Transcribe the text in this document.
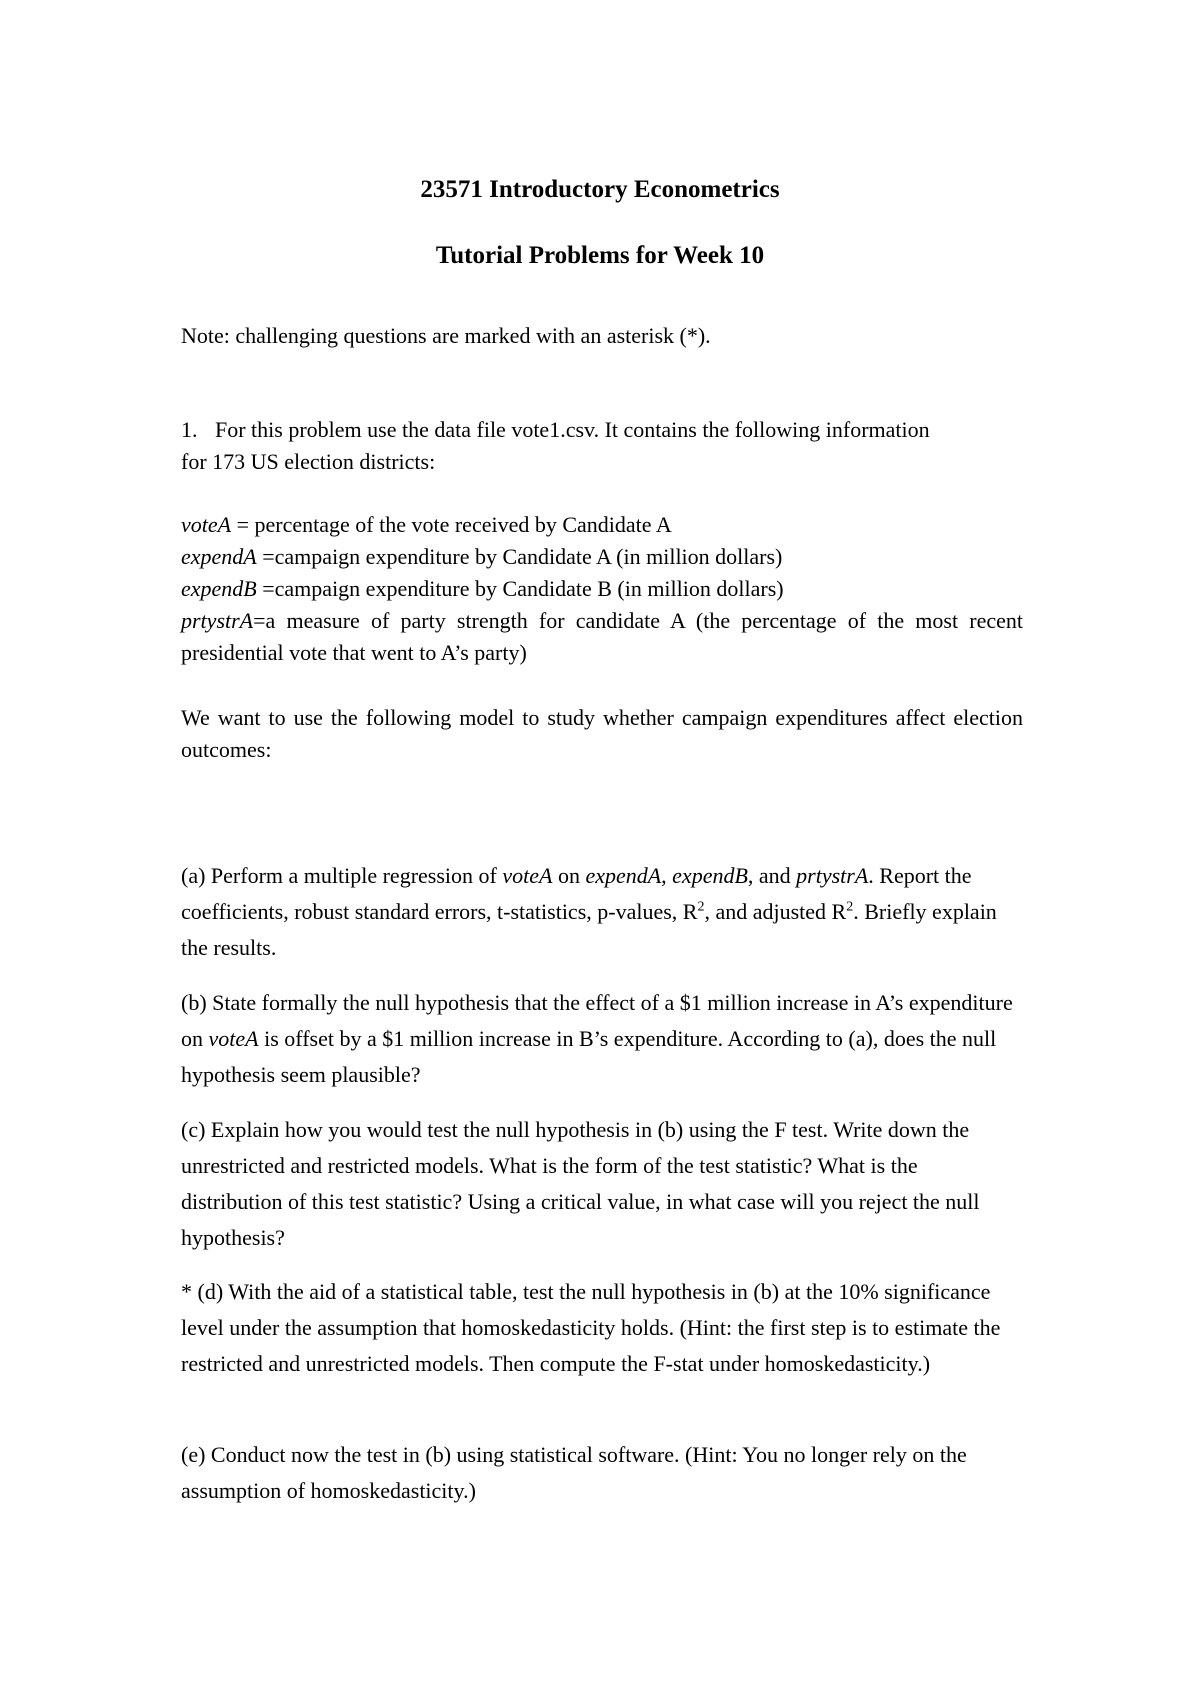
23571 Introductory Econometrics
Tutorial Problems for Week 10

Note: challenging questions are marked with an asterisk (*).

1. For this problem use the data file vote1.csv. It contains the following information
for 173 US election districts:

voteA = percentage of the vote received by Candidate A
expendA =campaign expenditure by Candidate A (in million dollars)
expendB =campaign expenditure by Candidate B (in million dollars)
prtystrA=a measure of party strength for candidate A (the percentage of the most recent presidential vote that went to A’s party)

We want to use the following model to study whether campaign expenditures affect election outcomes:

(a) Perform a multiple regression of voteA on expendA, expendB, and prtystrA. Report the coefficients, robust standard errors, t-statistics, p-values, $R^2$, and adjusted $R^2$. Briefly explain the results.

(b) State formally the null hypothesis that the effect of a $1 million increase in A’s expenditure on voteA is offset by a $1 million increase in B’s expenditure. According to (a), does the null hypothesis seem plausible?

(c) Explain how you would test the null hypothesis in (b) using the F test. Write down the unrestricted and restricted models. What is the form of the test statistic? What is the distribution of this test statistic? Using a critical value, in what case will you reject the null hypothesis?

* (d) With the aid of a statistical table, test the null hypothesis in (b) at the 10% significance level under the assumption that homoskedasticity holds. (Hint: the first step is to estimate the restricted and unrestricted models. Then compute the F-stat under homoskedasticity.)

(e) Conduct now the test in (b) using statistical software. (Hint: You no longer rely on the assumption of homoskedasticity.)
